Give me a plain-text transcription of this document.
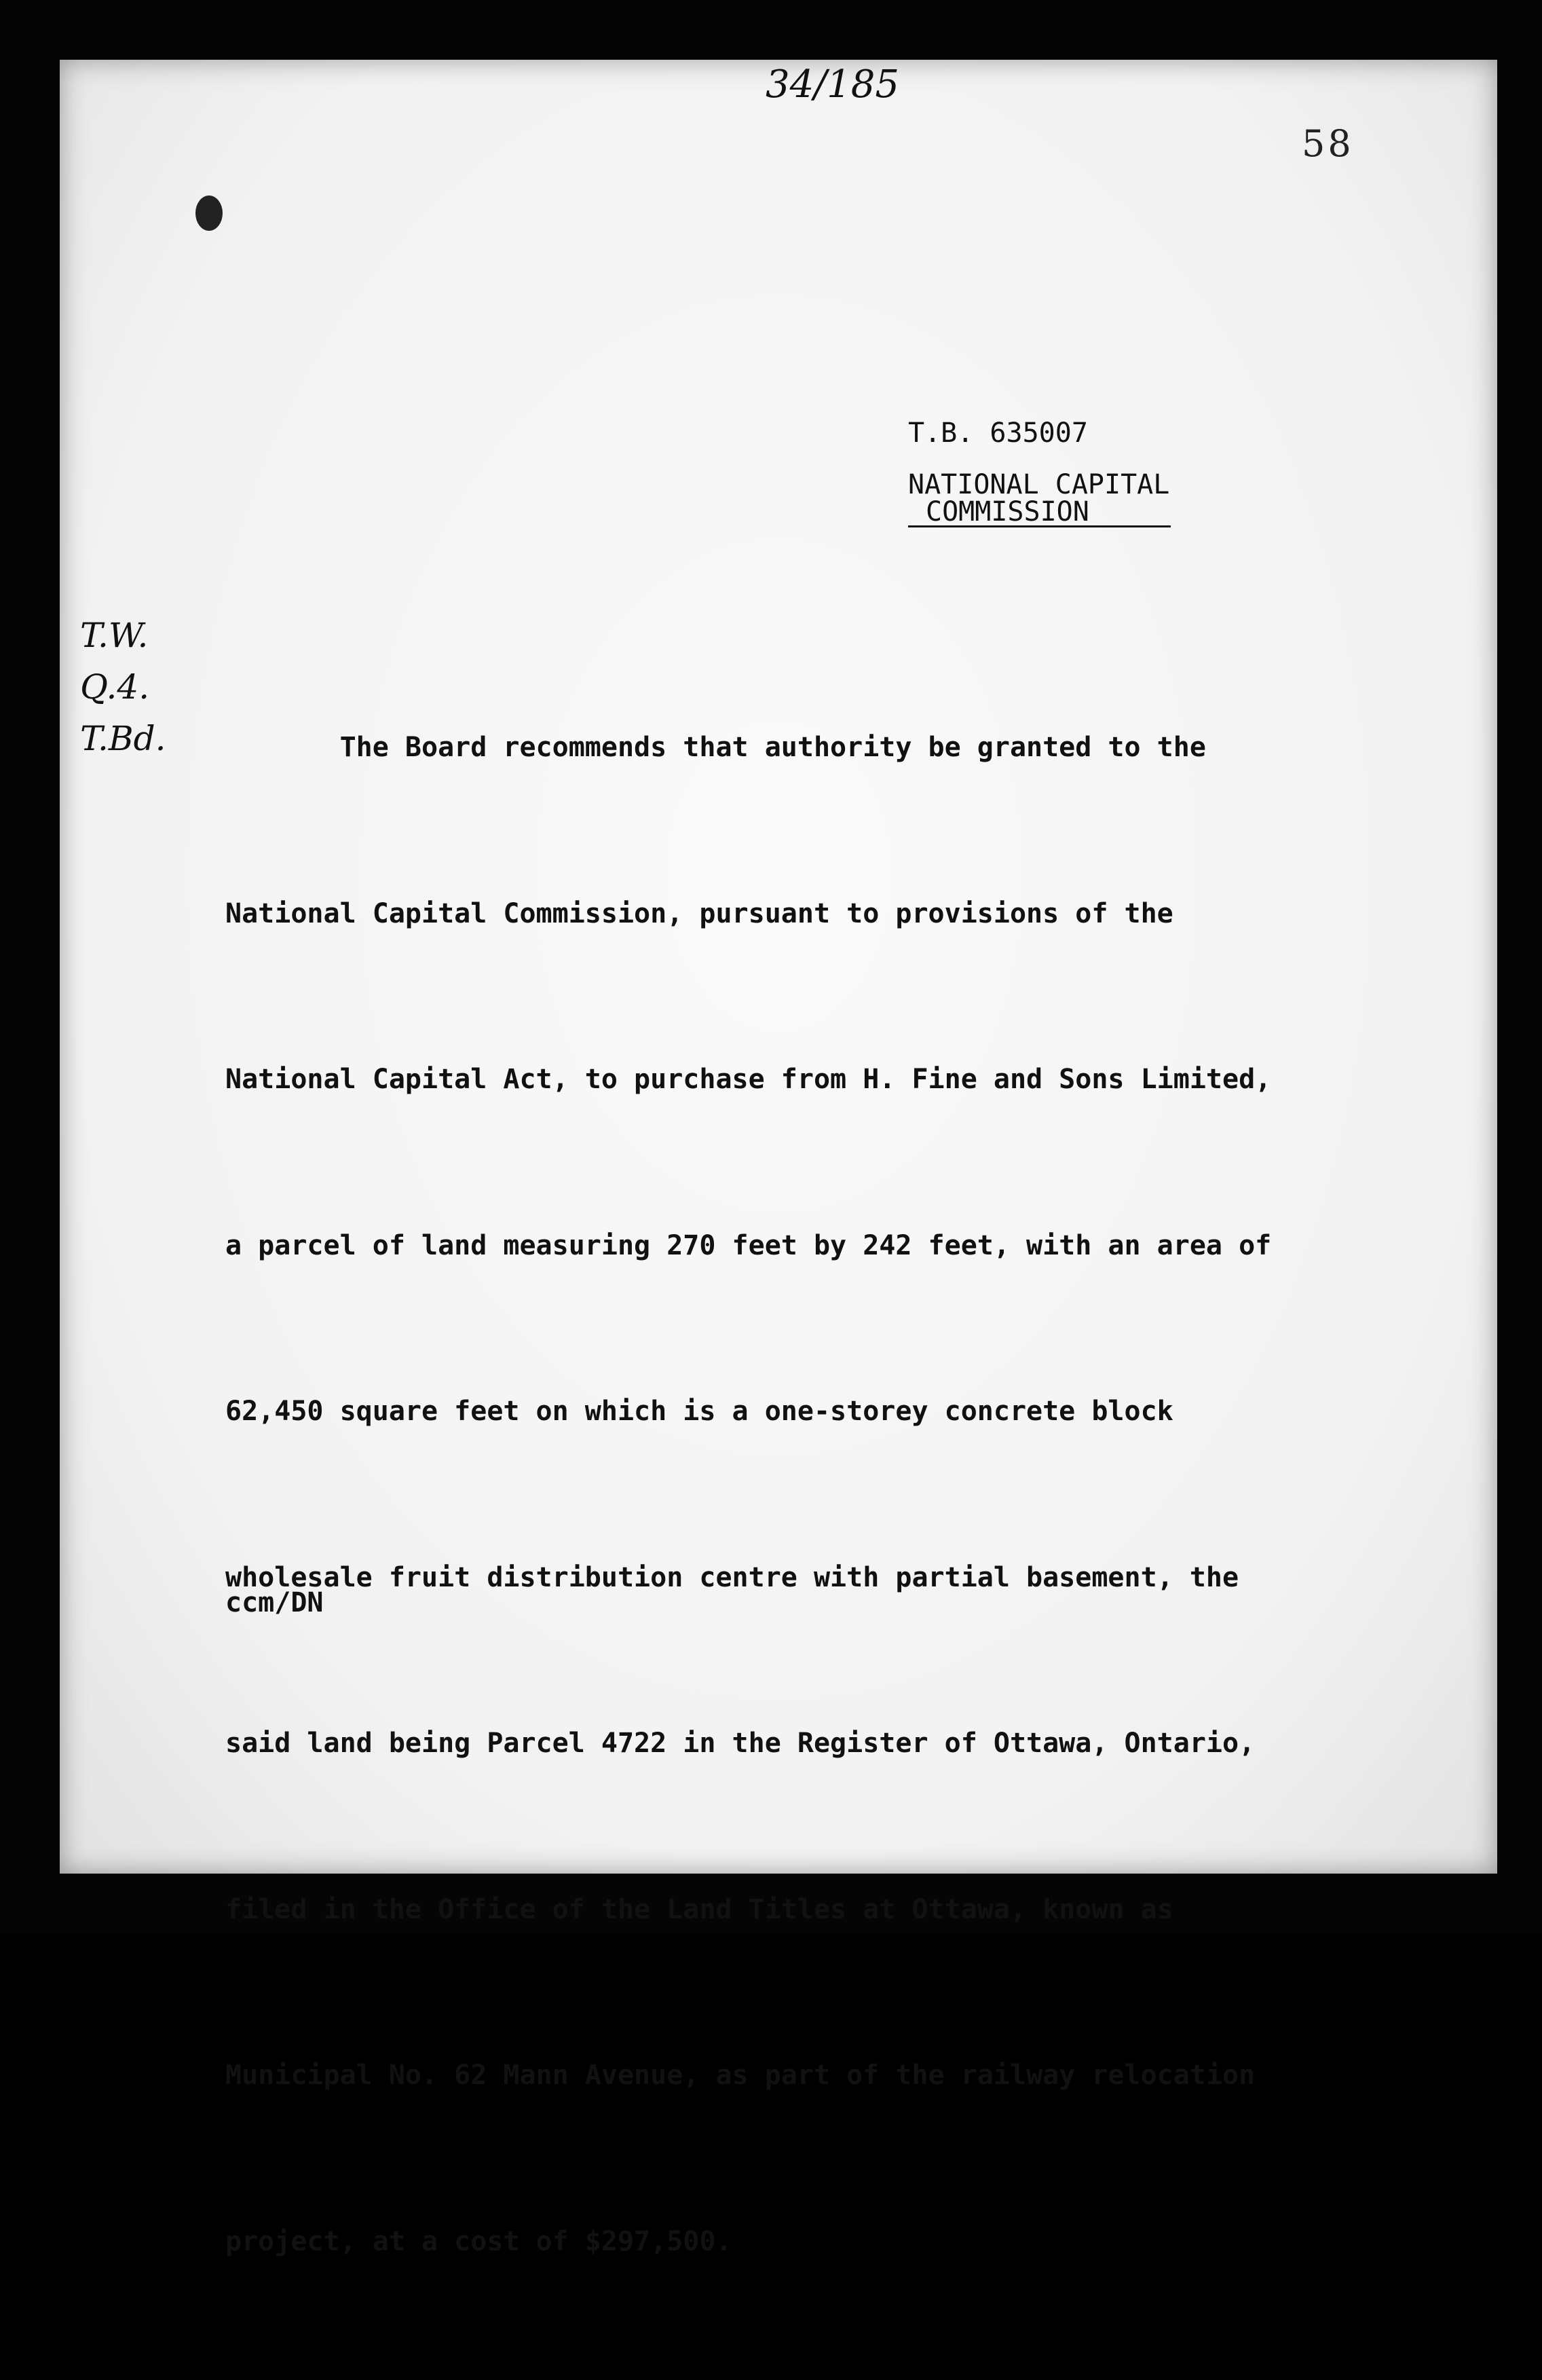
34/185
58
T.W.
Q.4.
T.Bd.
T.B. 635007
NATIONAL CAPITAL
COMMISSION

The Board recommends that authority be granted to the

National Capital Commission, pursuant to provisions of the

National Capital Act, to purchase from H. Fine and Sons Limited,

a parcel of land measuring 270 feet by 242 feet, with an area of

62,450 square feet on which is a one-storey concrete block

wholesale fruit distribution centre with partial basement, the

said land being Parcel 4722 in the Register of Ottawa, Ontario,

filed in the Office of the Land Titles at Ottawa, known as

Municipal No. 62 Mann Avenue, as part of the railway relocation

project, at a cost of $297,500.

ccm/DN
